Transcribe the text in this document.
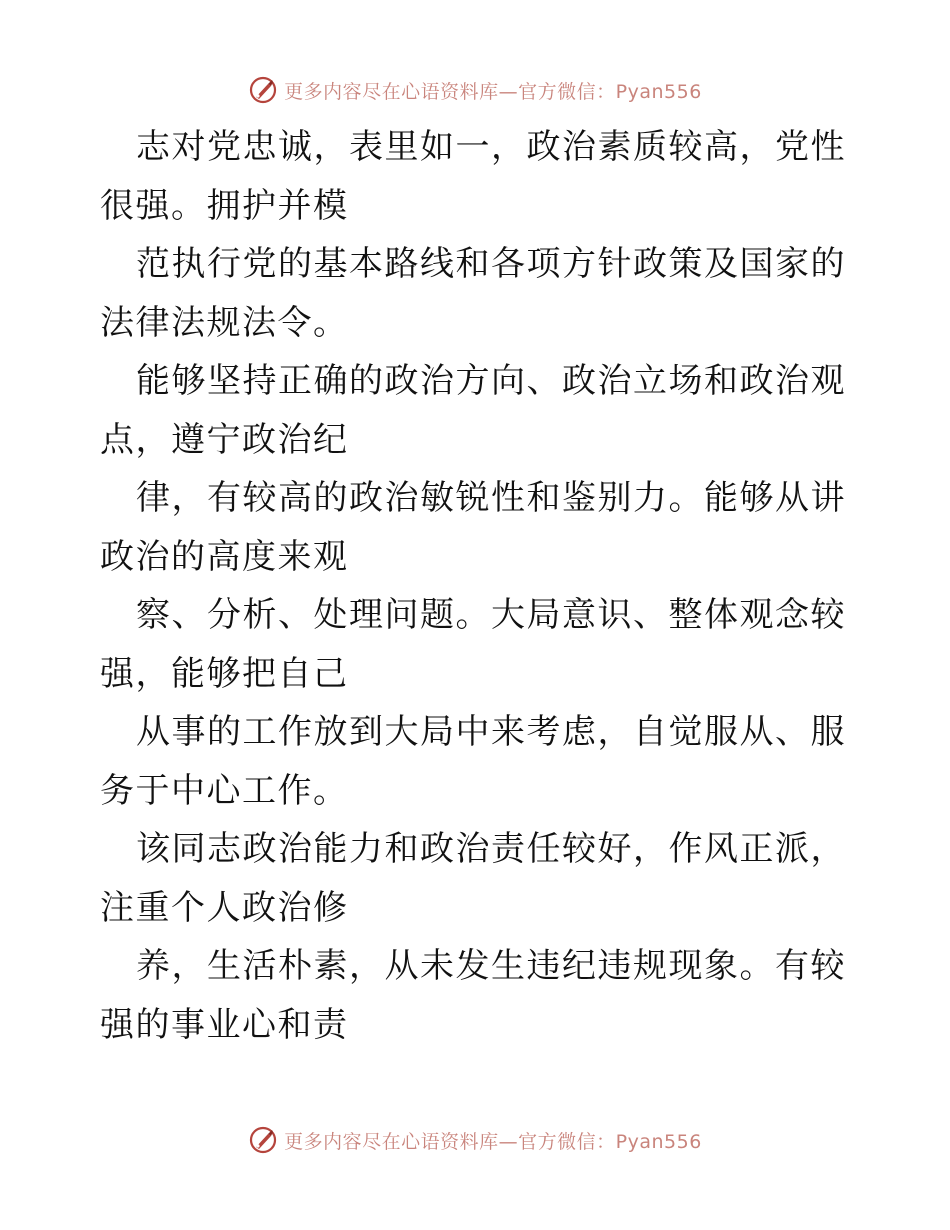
更多内容尽在心语资料库—官方微信：Pyan556

志对党忠诚，表里如一，政治素质较高，党性很强。拥护并模

范执行党的基本路线和各项方针政策及国家的法律法规法令。

能够坚持正确的政治方向、政治立场和政治观点，遵宁政治纪

律，有较高的政治敏锐性和鉴别力。能够从讲政治的高度来观

察、分析、处理问题。大局意识、整体观念较强，能够把自己

从事的工作放到大局中来考虑，自觉服从、服务于中心工作。

该同志政治能力和政治责任较好，作风正派，注重个人政治修

养，生活朴素，从未发生违纪违规现象。有较强的事业心和责

更多内容尽在心语资料库—官方微信：Pyan556
